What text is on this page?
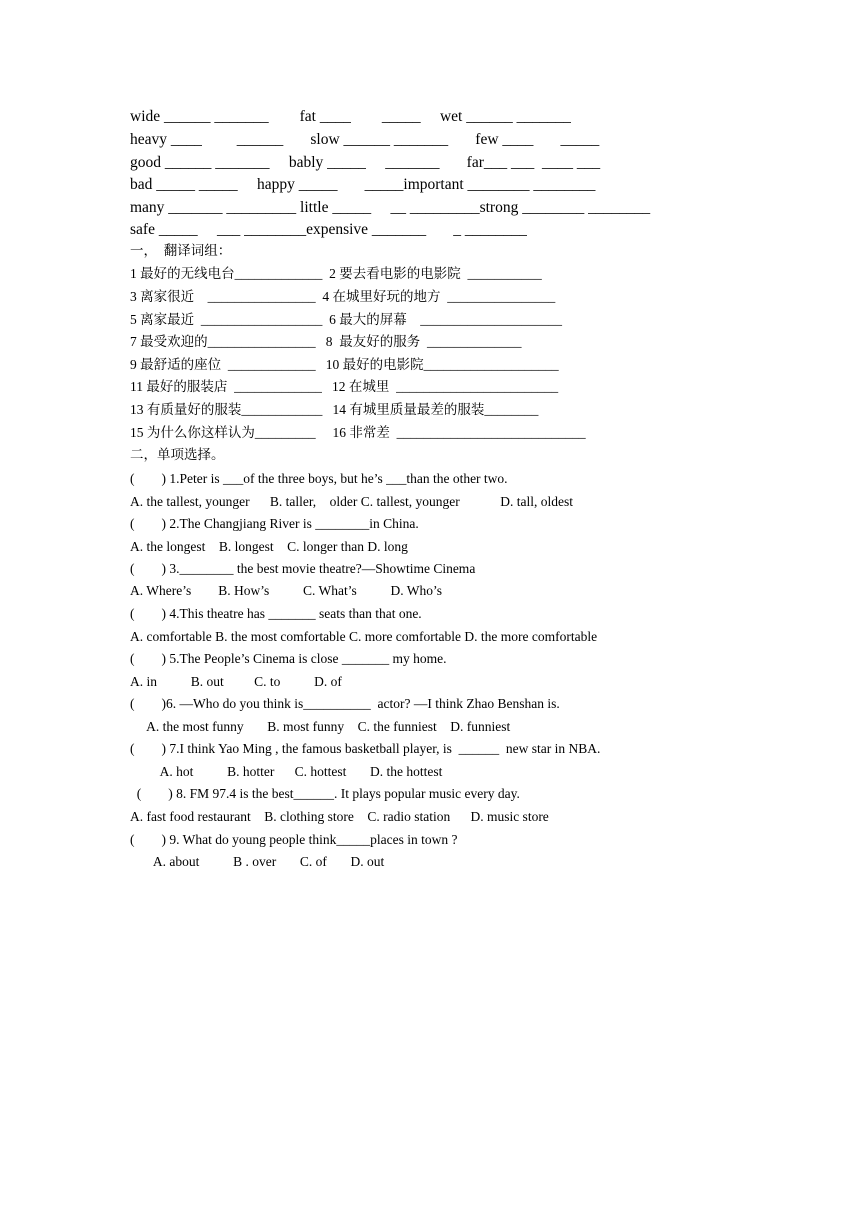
wide ______ _______        fat ____        _____     wet ______ _______
heavy ____         ______       slow ______ _______       few ____       _____
good ______ _______     bably _____     _______       far___ ___  ____ ___
bad _____ _____     happy _____       _____important ________ ________
many _______ _________ little _____     __ _________strong ________ ________
safe _____     ___ ________expensive _______       _ ________
一，  翻译词组：
1 最好的无线电台_____________  2 要去看电影的电影院  ___________
3 离家很近    ________________  4 在城里好玩的地方  ________________
5 离家最近  __________________  6 最大的屏幕    _____________________
7 最受欢迎的________________   8  最友好的服务  ______________
9 最舒适的座位  _____________   10 最好的电影院____________________
11 最好的服装店  _____________   12 在城里  ________________________
13 有质量好的服装____________   14 有城里质量最差的服装________
15 为什么你这样认为_________     16 非常差  ____________________________
二，单项选择。
(        ) 1.Peter is ___of the three boys, but he’s ___than the other two.
A. the tallest, younger      B. taller,    older C. tallest, younger            D. tall, oldest
(        ) 2.The Changjiang River is ________in China.
A. the longest    B. longest    C. longer than D. long
(        ) 3.________ the best movie theatre?—Showtime Cinema
A. Where’s        B. How’s          C. What’s          D. Who’s
(        ) 4.This theatre has _______ seats than that one.
A. comfortable B. the most comfortable C. more comfortable D. the more comfortable
(        ) 5.The People’s Cinema is close _______ my home.
A. in          B. out         C. to          D. of
(        )6. —Who do you think is__________  actor? —I think Zhao Benshan is.
A. the most funny       B. most funny    C. the funniest    D. funniest
(        ) 7.I think Yao Ming , the famous basketball player, is  ______  new star in NBA.
A. hot          B. hotter      C. hottest       D. the hottest
(        ) 8. FM 97.4 is the best______. It plays popular music every day.
A. fast food restaurant    B. clothing store    C. radio station      D. music store
(        ) 9. What do young people think_____places in town ?
A. about          B . over       C. of       D. out
